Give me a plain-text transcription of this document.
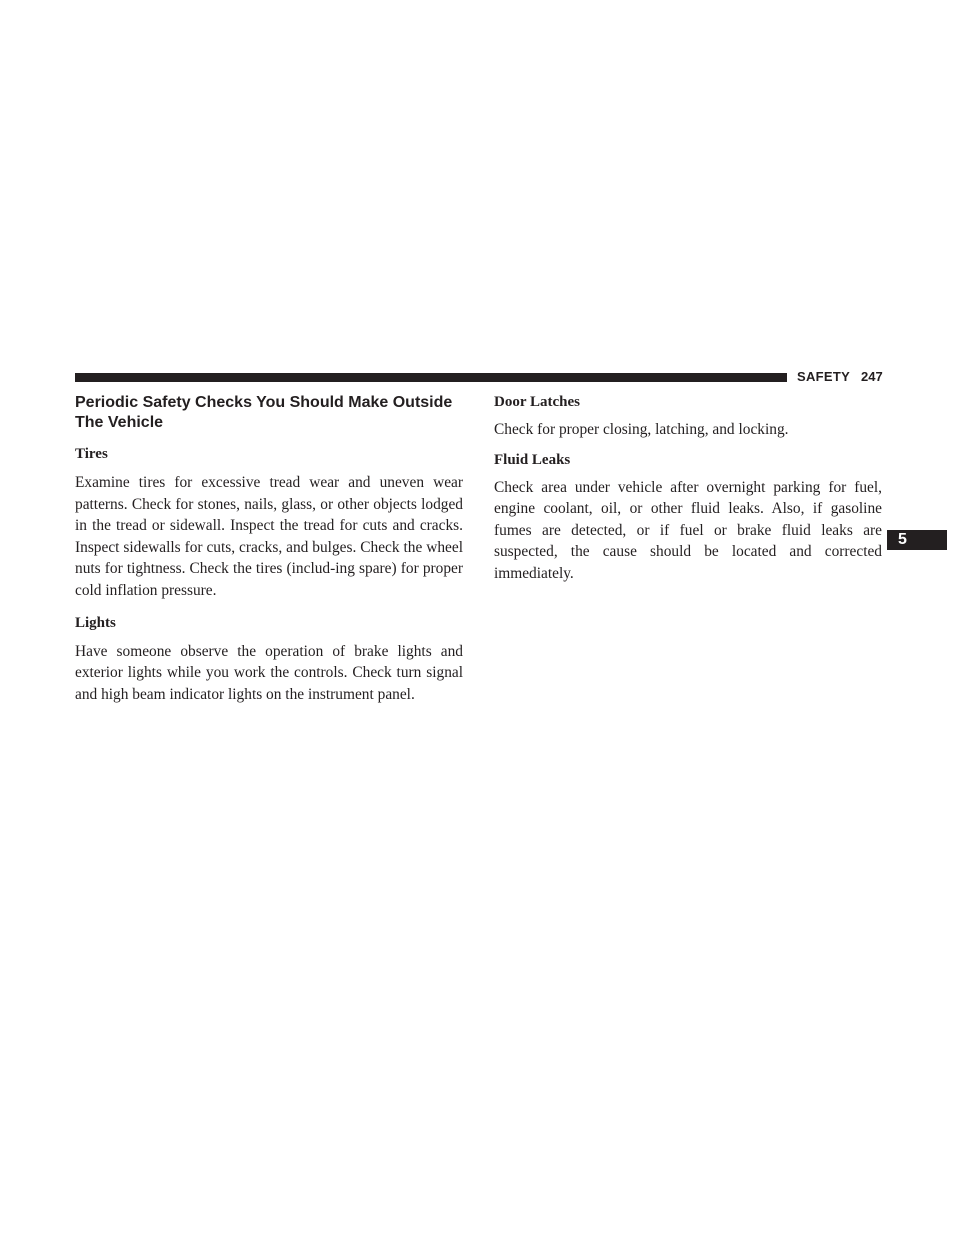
SAFETY 247
5
Periodic Safety Checks You Should Make Outside
The Vehicle
Tires

Examine tires for excessive tread wear and uneven wear patterns. Check for stones, nails, glass, or other objects lodged in the tread or sidewall. Inspect the tread for cuts and cracks. Inspect sidewalls for cuts, cracks, and bulges. Check the wheel nuts for tightness. Check the tires (includ-ing spare) for proper cold inflation pressure.

Lights

Have someone observe the operation of brake lights and exterior lights while you work the controls. Check turn signal and high beam indicator lights on the instrument panel.

Door Latches

Check for proper closing, latching, and locking.

Fluid Leaks

Check area under vehicle after overnight parking for fuel, engine coolant, oil, or other fluid leaks. Also, if gasoline fumes are detected, or if fuel or brake fluid leaks are suspected, the cause should be located and corrected immediately.
